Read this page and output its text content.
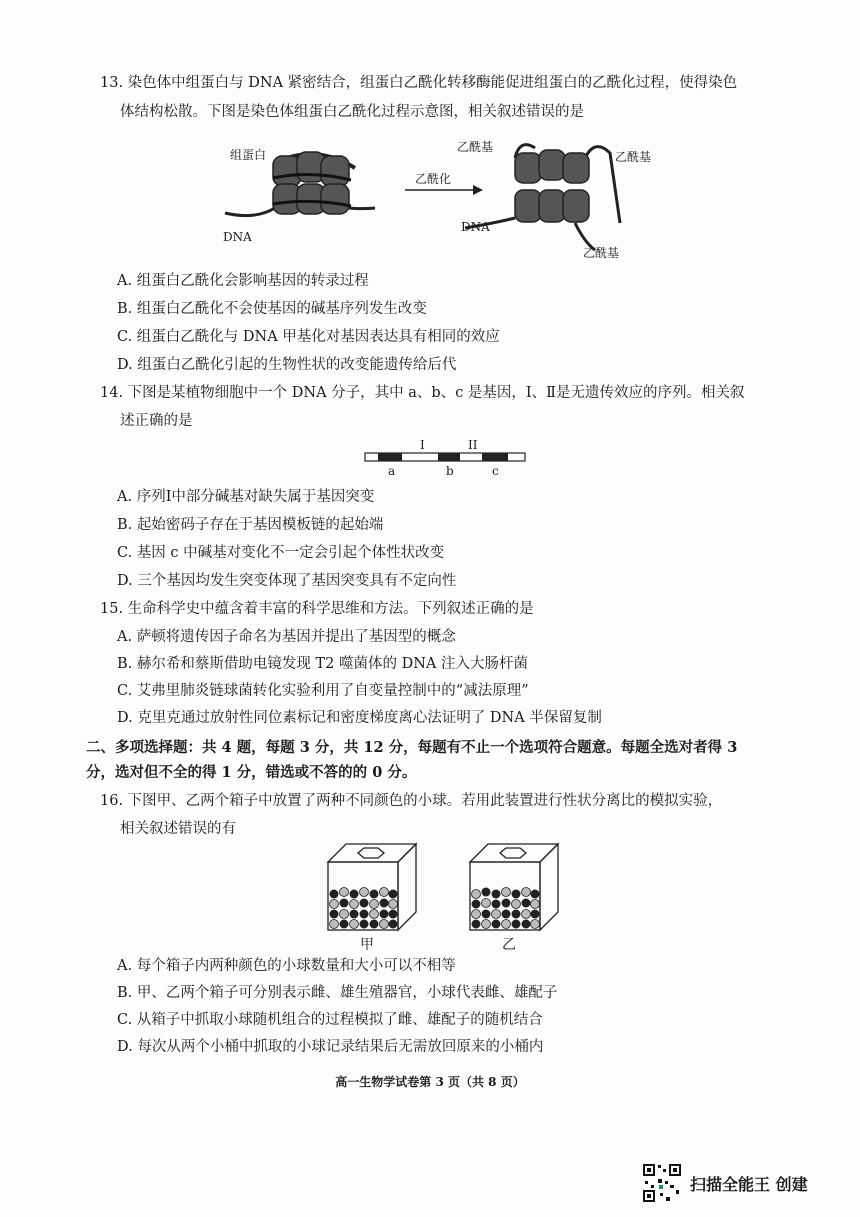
13. 染色体中组蛋白与 DNA 紧密结合，组蛋白乙酰化转移酶能促进组蛋白的乙酰化过程，使得染色
体结构松散。下图是染色体组蛋白乙酰化过程示意图，相关叙述错误的是
组蛋白
DNA
乙酰化
乙酰基
乙酰基
DNA
乙酰基
A. 组蛋白乙酰化会影响基因的转录过程
B. 组蛋白乙酰化不会使基因的碱基序列发生改变
C. 组蛋白乙酰化与 DNA 甲基化对基因表达具有相同的效应
D. 组蛋白乙酰化引起的生物性状的改变能遗传给后代
14. 下图是某植物细胞中一个 DNA 分子，其中 a、b、c 是基因，Ⅰ、Ⅱ是无遗传效应的序列。相关叙
述正确的是
I	II
a	b	c
A. 序列Ⅰ中部分碱基对缺失属于基因突变
B. 起始密码子存在于基因模板链的起始端
C. 基因 c 中碱基对变化不一定会引起个体性状改变
D. 三个基因均发生突变体现了基因突变具有不定向性
15. 生命科学史中蕴含着丰富的科学思维和方法。下列叙述正确的是
A. 萨顿将遗传因子命名为基因并提出了基因型的概念
B. 赫尔希和蔡斯借助电镜发现 T2 噬菌体的 DNA 注入大肠杆菌
C. 艾弗里肺炎链球菌转化实验利用了自变量控制中的“减法原理”
D. 克里克通过放射性同位素标记和密度梯度离心法证明了 DNA 半保留复制
二、多项选择题：共 4 题，每题 3 分，共 12 分，每题有不止一个选项符合题意。每题全选对者得 3
分，选对但不全的得 1 分，错选或不答的的 0 分。
16. 下图甲、乙两个箱子中放置了两种不同颜色的小球。若用此装置进行性状分离比的模拟实验，
相关叙述错误的有
甲	乙
A. 每个箱子内两种颜色的小球数量和大小可以不相等
B. 甲、乙两个箱子可分别表示雌、雄生殖器官，小球代表雌、雄配子
C. 从箱子中抓取小球随机组合的过程模拟了雌、雄配子的随机结合
D. 每次从两个小桶中抓取的小球记录结果后无需放回原来的小桶内
高一生物学试卷第 3 页（共 8 页）
扫描全能王 创建
